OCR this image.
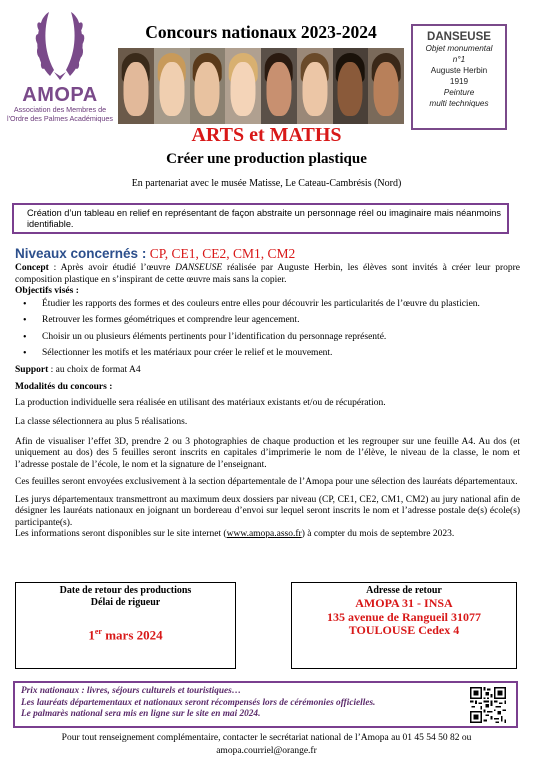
AMOPA
Association des Membres de
l'Ordre des Palmes Académiques
Concours nationaux 2023-2024	DANSEUSE
Objet monumental
n°1
Auguste Herbin
1919
Peinture
multi techniques
ARTS et MATHS
Créer une production plastique
En partenariat avec le musée Matisse, Le Cateau-Cambrésis (Nord)
Création d’un tableau en relief en représentant de façon abstraite un personnage réel ou imaginaire mais néanmoins identifiable.
Niveaux concernés : CP, CE1, CE2, CM1, CM2
Concept : Après avoir étudié l’œuvre DANSEUSE réalisée par Auguste Herbin, les élèves sont invités à créer leur propre composition plastique en s’inspirant de cette œuvre mais sans la copier.
Objectifs visés :
• Étudier les rapports des formes et des couleurs entre elles pour découvrir les particularités de l’œuvre du plasticien.
• Retrouver les formes géométriques et comprendre leur agencement.
• Choisir un ou plusieurs éléments pertinents pour l’identification du personnage représenté.
• Sélectionner les motifs et les matériaux pour créer le relief et le mouvement.
Support : au choix de format A4
Modalités du concours :
La production individuelle sera réalisée en utilisant des matériaux existants et/ou de récupération.
La classe sélectionnera au plus 5 réalisations.
Afin de visualiser l’effet 3D, prendre 2 ou 3 photographies de chaque production et les regrouper sur une feuille A4. Au dos (et uniquement au dos) des 5 feuilles seront inscrits en capitales d’imprimerie le nom de l’élève, le niveau de la classe, le nom et l’adresse postale de l’école, le nom et la signature de l’enseignant.
Ces feuilles seront envoyées exclusivement à la section départementale de l’Amopa pour une sélection des lauréats départementaux.
Les jurys départementaux transmettront au maximum deux dossiers par niveau (CP, CE1, CE2, CM1, CM2) au jury national afin de désigner les lauréats nationaux en joignant un bordereau d’envoi sur lequel seront inscrits le nom et l’adresse postale de(s) école(s) participante(s).
Les informations seront disponibles sur le site internet (www.amopa.asso.fr) à compter du mois de septembre 2023.
Date de retour des productions
Délai de rigueur
1er mars 2024
Adresse de retour
AMOPA 31 - INSA
135 avenue de Rangueil 31077
TOULOUSE Cedex 4
Prix nationaux : livres, séjours culturels et touristiques…
Les lauréats départementaux et nationaux seront récompensés lors de cérémonies officielles.
Le palmarès national sera mis en ligne sur le site en mai 2024.
Pour tout renseignement complémentaire, contacter le secrétariat national de l’Amopa au 01 45 54 50 82 ou
amopa.courriel@orange.fr
